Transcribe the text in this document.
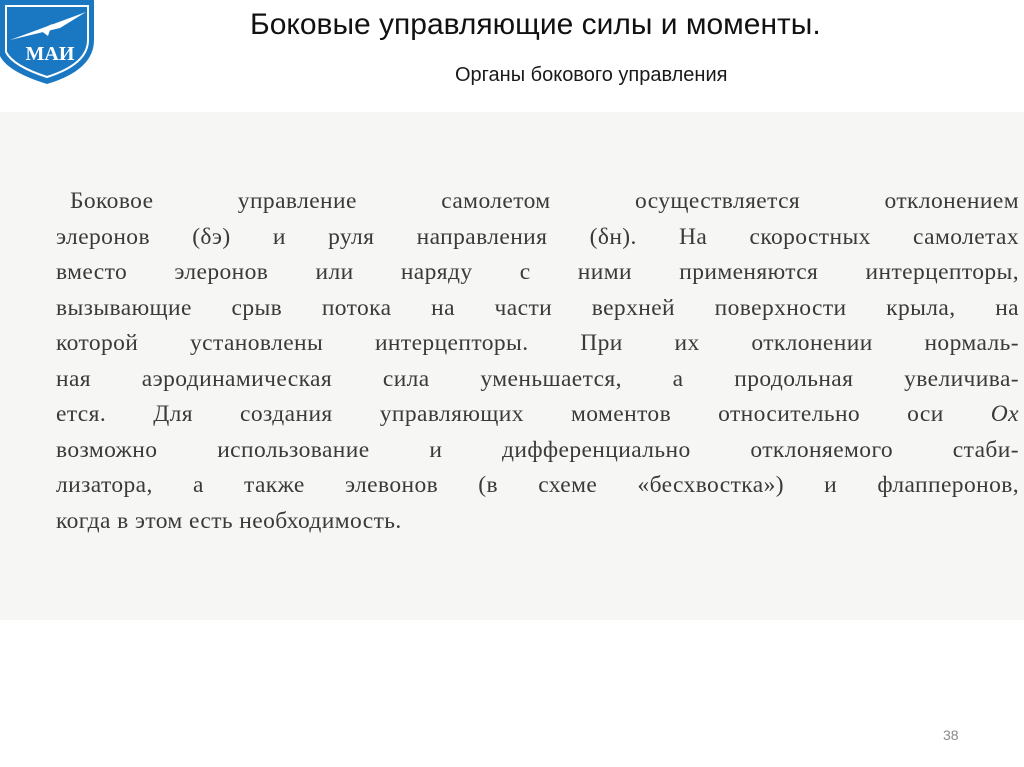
МАИ
Боковые управляющие силы и моменты.
Органы бокового управления

Боковое управление самолетом осуществляется отклонением
элеронов (δэ) и руля направления (δн). На скоростных самолетах
вместо элеронов или наряду с ними применяются интерцепторы,
вызывающие срыв потока на части верхней поверхности крыла, на
которой установлены интерцепторы. При их отклонении нормаль-
ная аэродинамическая сила уменьшается, а продольная увеличива-
ется. Для создания управляющих моментов относительно оси Ox
возможно использование и дифференциально отклоняемого стаби-
лизатора, а также элевонов (в схеме «бесхвостка») и флапперонов,
когда в этом есть необходимость.

38
